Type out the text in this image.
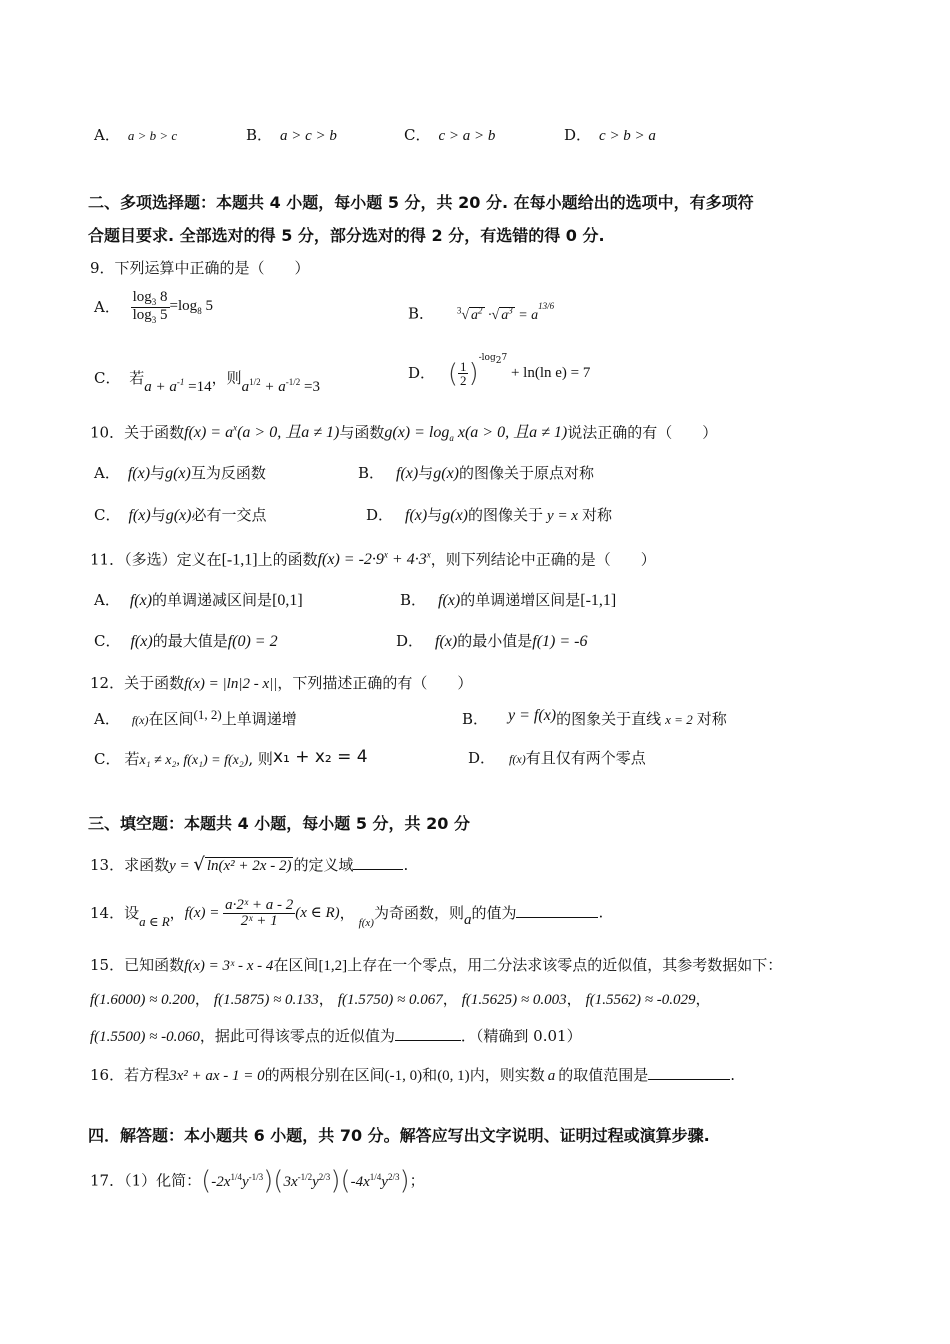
A． a > b > c	B． a > c > b	C． c > a > b	D． c > b > a
二、多项选择题：本题共 4 小题，每小题 5 分，共 20 分. 在每小题给出的选项中，有多项符
合题目要求. 全部选对的得 5 分，部分选对的得 2 分，有选错的得 0 分.
9．下列运算中正确的是（　　）
A． $\frac{\log_3 8}{\log_3 5} =\log_8$ 5	B．	$^3$√ $a^2$ ·√ $a^3 = a^{13/6}$
C． 若$a + a^{-1} =14$，则$a^{1/2} + a^{-1/2} =3$
D． ( $\frac{1}{2} )^{-log_27} + \ln(\ln$ e) = 7
10．关于函数$f(x) = a^x(a > 0$, 且a ≠ 1)与函数$g(x) = \log_a x(a > 0$, 且a ≠ 1)说法正确的有（　　）
A． f(x)与g(x)互为反函数	B． f(x)与g(x)的图像关于原点对称
C． f(x)与g(x)必有一交点	D． f(x)与g(x)的图像关于 y = x 对称
11．（多选）定义在[-1,1]上的函数$f(x) = -2\cdot 9^x + 4\cdot 3^x$，则下列结论中正确的是（　　）
A． f(x)的单调递减区间是[0,1]	B． f(x)的单调递增区间是[-1,1]
C． f(x)的最大值是f(0) = 2	D． f(x)的最小值是f(1) = -6
12．关于函数f(x) = |ln|2 - x||，下列描述正确的有（　　）
A． f(x)在区间(1, 2)上单调递增	B． y = f(x)的图象关于直线 x = 2 对称
C． 若x₁ ≠ x₂, f(x₁) = f(x₂), 则x₁ + x₂ = 4	D． f(x)有且仅有两个零点
三、填空题：本题共 4 小题，每小题 5 分，共 20 分
13．求函数y = √ ln(x² + 2x - 2) 的定义域	.
14．设a ∈ R，$f(x) = \frac{\text{a·2ˣ + a - 2}}{\text{2ˣ + 1}} (x$ ∈ R)，$_{f(x)}$为奇函数，则a的值为	.
15．已知函数f(x) = 3ˣ - x - 4在区间[1,2]上存在一个零点，用二分法求该零点的近似值，其参考数据如下：
f(1.6000) ≈ 0.200， f(1.5875) ≈ 0.133， f(1.5750) ≈ 0.067， f(1.5625) ≈ 0.003， f(1.5562) ≈ -0.029，
f(1.5500) ≈ -0.060，据此可得该零点的近似值为	．（精确到 0.01）
16．若方程3x² + ax - 1 = 0的两根分别在区间(-1, 0)和(0, 1)内，则实数 a 的取值范围是	.
四．解答题：本小题共 6 小题，共 70 分。解答应写出文字说明、证明过程或演算步骤.
17．（1）化简：$(-2x^{1/4}y^{-1/3})(3x^{-1/2}y^{2/3})(-4x^{1/4}y^{2/3})$；
